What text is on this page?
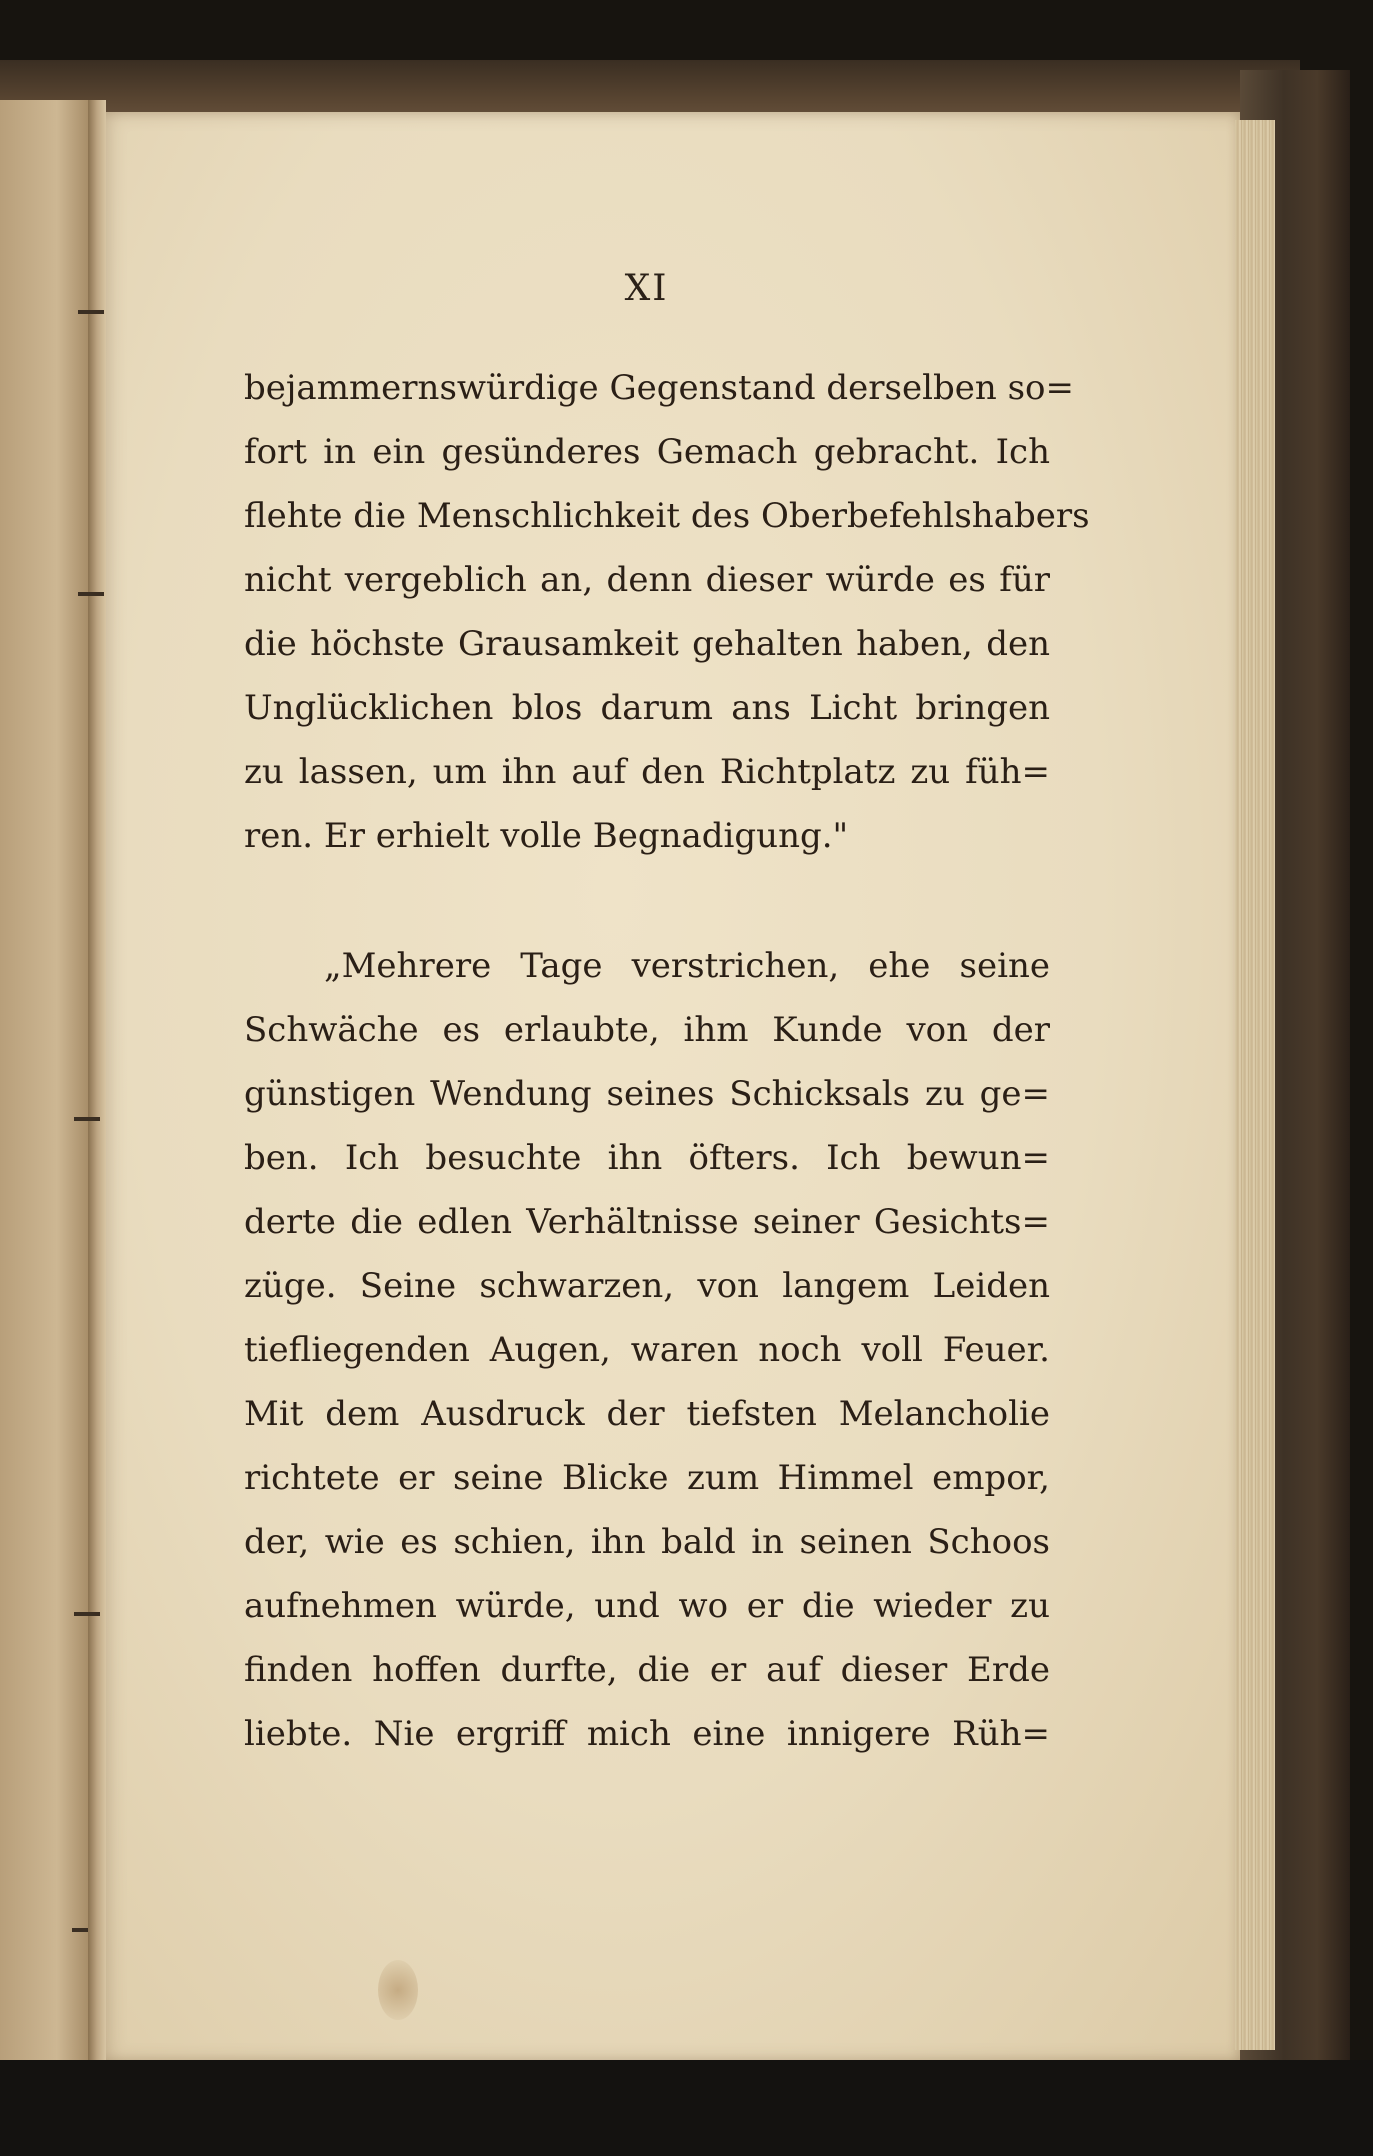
XI
bejammernswürdige Gegenstand derselben so=
fort in ein gesünderes Gemach gebracht. Ich
flehte die Menschlichkeit des Oberbefehlshabers
nicht vergeblich an, denn dieser würde es für
die höchste Grausamkeit gehalten haben, den
Unglücklichen blos darum ans Licht bringen
zu lassen, um ihn auf den Richtplatz zu füh=
ren. Er erhielt volle Begnadigung."
„Mehrere Tage verstrichen, ehe seine
Schwäche es erlaubte, ihm Kunde von der
günstigen Wendung seines Schicksals zu ge=
ben. Ich besuchte ihn öfters. Ich bewun=
derte die edlen Verhältnisse seiner Gesichts=
züge. Seine schwarzen, von langem Leiden
tiefliegenden Augen, waren noch voll Feuer.
Mit dem Ausdruck der tiefsten Melancholie
richtete er seine Blicke zum Himmel empor,
der, wie es schien, ihn bald in seinen Schoos
aufnehmen würde, und wo er die wieder zu
finden hoffen durfte, die er auf dieser Erde
liebte. Nie ergriff mich eine innigere Rüh=
